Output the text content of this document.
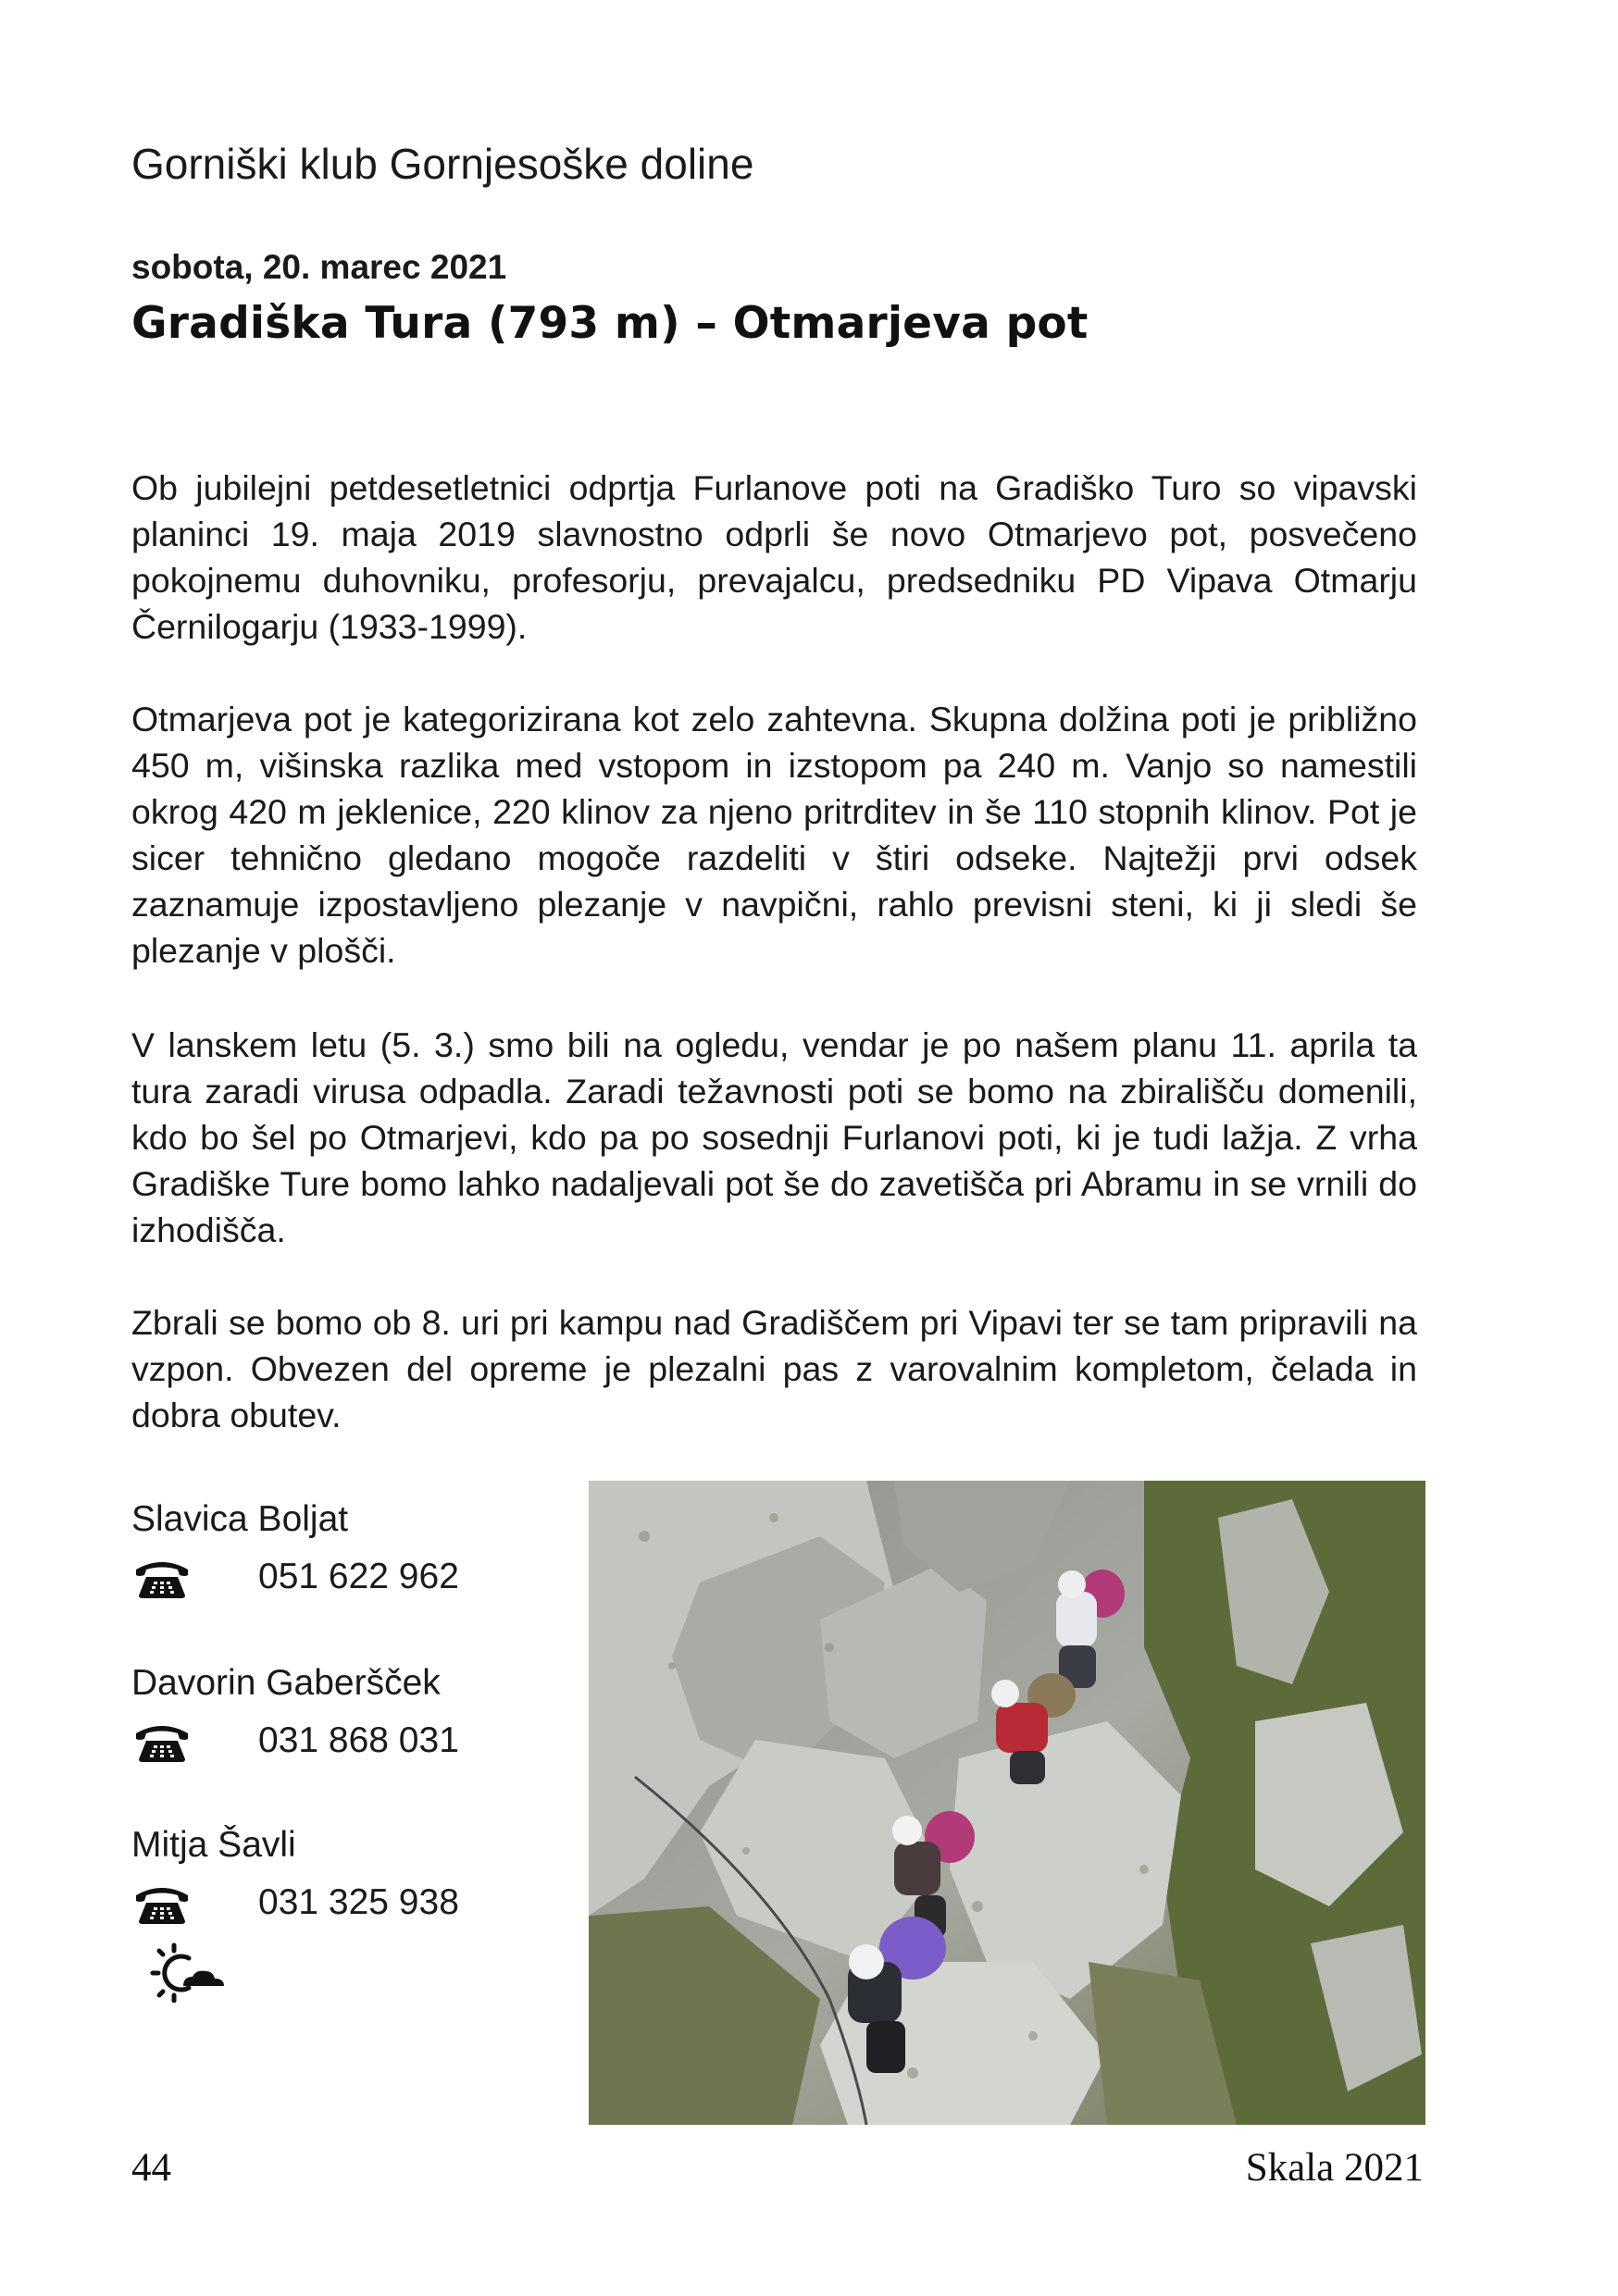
Gorniški klub Gornjesoške doline
sobota, 20. marec 2021
Gradiška Tura (793 m) – Otmarjeva pot

Ob jubilejni petdesetletnici odprtja Furlanove poti na Gradiško Turo so vipavski planinci 19. maja 2019 slavnostno odprli še novo Otmarjevo pot, posvečeno pokojnemu duhovniku, profesorju, prevajalcu, predsedniku PD Vipava Otmarju Černilogarju (1933-1999).

Otmarjeva pot je kategorizirana kot zelo zahtevna. Skupna dolžina poti je približno 450 m, višinska razlika med vstopom in izstopom pa 240 m. Vanjo so namestili okrog 420 m jeklenice, 220 klinov za njeno pritrditev in še 110 stopnih klinov. Pot je sicer tehnično gledano mogoče razdeliti v štiri odseke. Najtežji prvi odsek zaznamuje izpostavljeno plezanje v navpični, rahlo previsni steni, ki ji sledi še plezanje v plošči.

V lanskem letu (5. 3.) smo bili na ogledu, vendar je po našem planu 11. aprila ta tura zaradi virusa odpadla. Zaradi težavnosti poti se bomo na zbirališču domenili, kdo bo šel po Otmarjevi, kdo pa po sosednji Furlanovi poti, ki je tudi lažja. Z vrha Gradiške Ture bomo lahko nadaljevali pot še do zavetišča pri Abramu in se vrnili do izhodišča.

Zbrali se bomo ob 8. uri pri kampu nad Gradiščem pri Vipavi ter se tam pripravili na vzpon. Obvezen del opreme je plezalni pas z varovalnim kompletom, čelada in dobra obutev.

Slavica Boljat
051 622 962
Davorin Gaberšček
031 868 031
Mitja Šavli
031 325 938
44	Skala 2021
